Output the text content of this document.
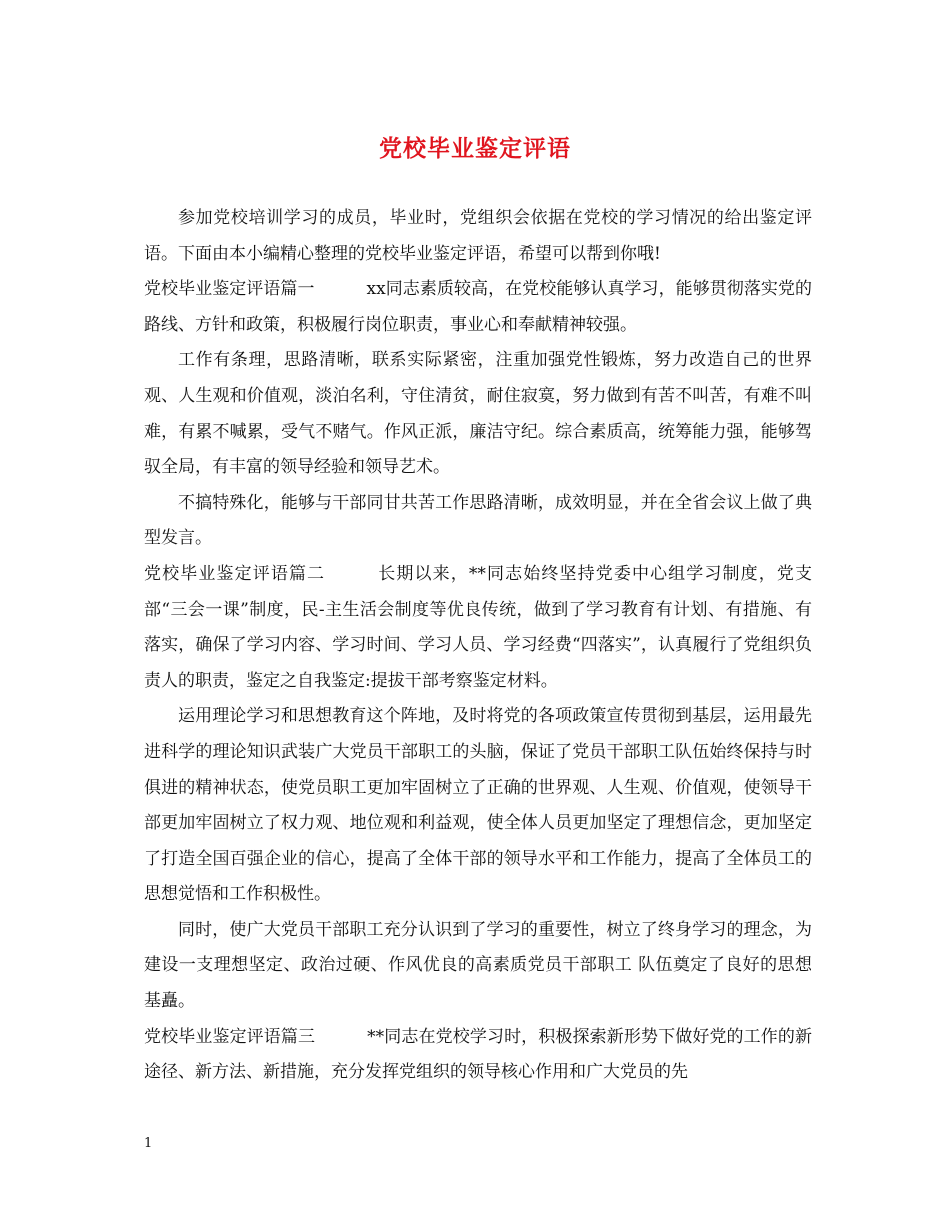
党校毕业鉴定评语

参加党校培训学习的成员，毕业时，党组织会依据在党校的学习情况的给出鉴定评语。下面由本小编精心整理的党校毕业鉴定评语，希望可以帮到你哦!

党校毕业鉴定评语篇一	xx同志素质较高，在党校能够认真学习，能够贯彻落实党的路线、方针和政策，积极履行岗位职责，事业心和奉献精神较强。

工作有条理，思路清晰，联系实际紧密，注重加强党性锻炼，努力改造自己的世界观、人生观和价值观，淡泊名利，守住清贫，耐住寂寞，努力做到有苦不叫苦，有难不叫难，有累不喊累，受气不赌气。作风正派，廉洁守纪。综合素质高，统筹能力强，能够驾驭全局，有丰富的领导经验和领导艺术。

不搞特殊化，能够与干部同甘共苦工作思路清晰，成效明显，并在全省会议上做了典型发言。

党校毕业鉴定评语篇二	长期以来，**同志始终坚持党委中心组学习制度，党支部“三会一课”制度，民-主生活会制度等优良传统，做到了学习教育有计划、有措施、有落实，确保了学习内容、学习时间、学习人员、学习经费“四落实”，认真履行了党组织负责人的职责，鉴定之自我鉴定:提拔干部考察鉴定材料。

运用理论学习和思想教育这个阵地，及时将党的各项政策宣传贯彻到基层，运用最先进科学的理论知识武装广大党员干部职工的头脑，保证了党员干部职工队伍始终保持与时俱进的精神状态，使党员职工更加牢固树立了正确的世界观、人生观、价值观，使领导干部更加牢固树立了权力观、地位观和利益观，使全体人员更加坚定了理想信念，更加坚定了打造全国百强企业的信心，提高了全体干部的领导水平和工作能力，提高了全体员工的思想觉悟和工作积极性。

同时，使广大党员干部职工充分认识到了学习的重要性，树立了终身学习的理念，为建设一支理想坚定、政治过硬、作风优良的高素质党员干部职工 队伍奠定了良好的思想基矗。

党校毕业鉴定评语篇三	**同志在党校学习时，积极探索新形势下做好党的工作的新途径、新方法、新措施，充分发挥党组织的领导核心作用和广大党员的先

1
